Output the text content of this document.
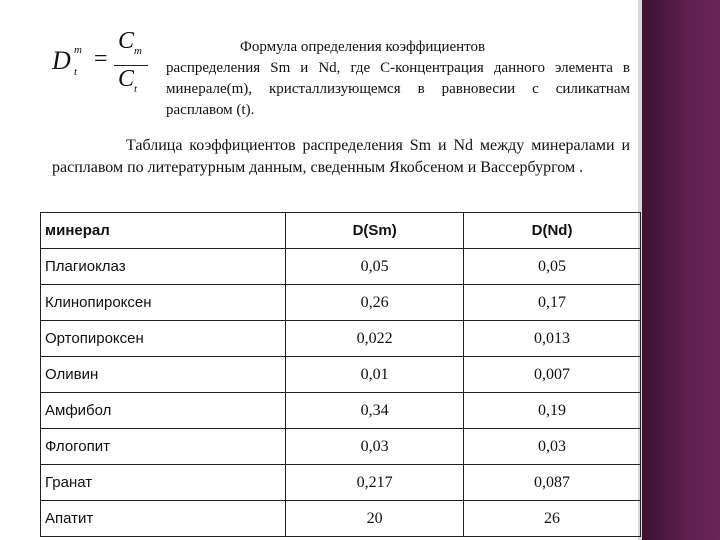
D m
t =
$C_m$
$C_t$
Формула определения коэффициентов
распределения Sm и Nd, где С-концентрация данного элемента в минерале(m), кристаллизующемся в равновесии с силикатнам расплавом (t).
Таблица коэффициентов распределения Sm и Nd между минералами и расплавом по литературным данным, сведенным Якобсеном и Вассербургом .
минерал	D(Sm)	D(Nd)
Плагиоклаз	0,05	0,05
Клинопироксен	0,26	0,17
Ортопироксен	0,022	0,013
Оливин	0,01	0,007
Амфибол	0,34	0,19
Флогопит	0,03	0,03
Гранат	0,217	0,087
Апатит	20	26
